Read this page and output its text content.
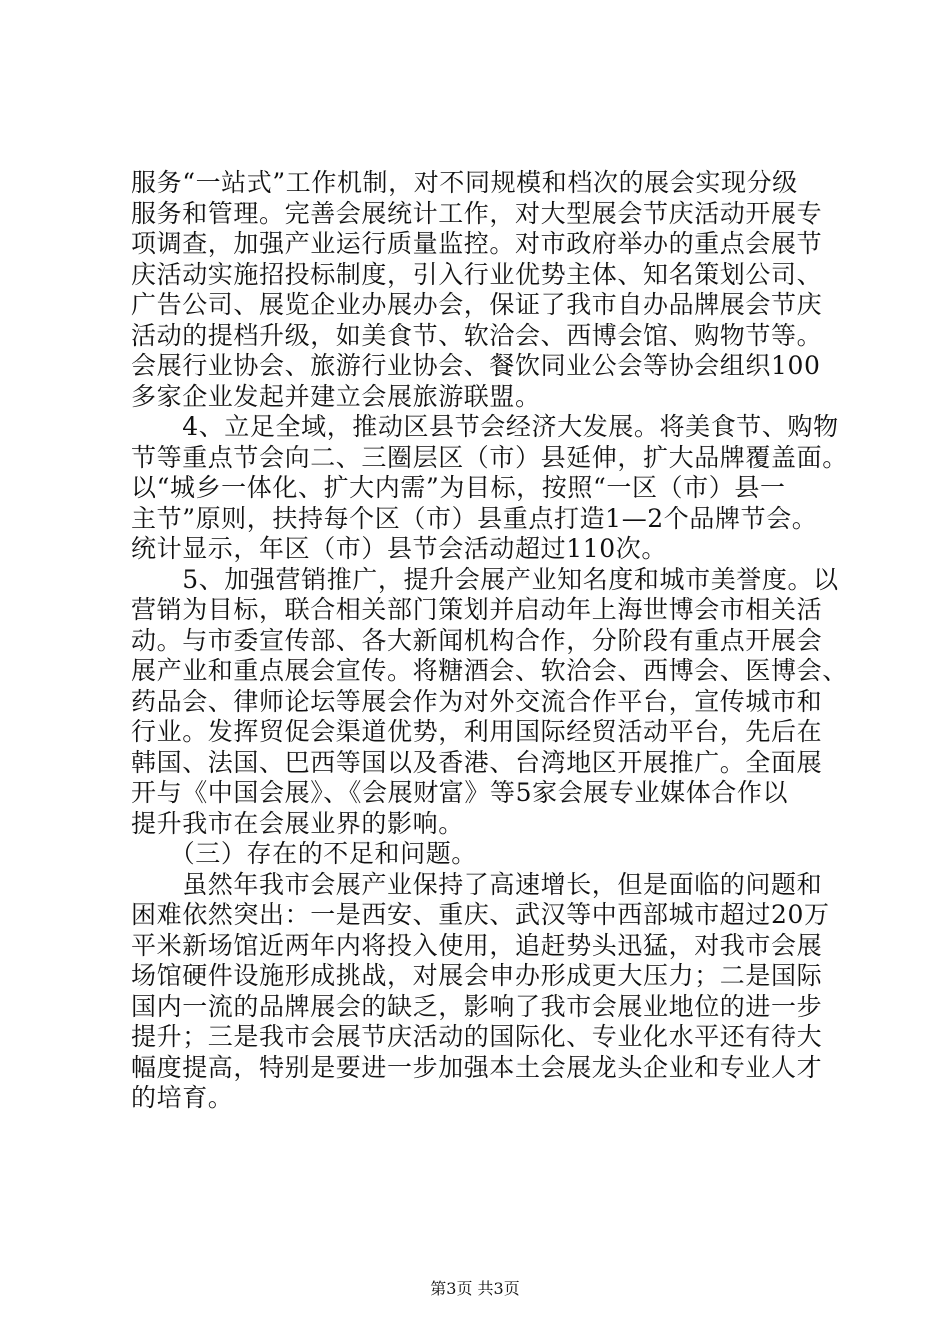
服务“一站式”工作机制，对不同规模和档次的展会实现分级
服务和管理。完善会展统计工作，对大型展会节庆活动开展专
项调查，加强产业运行质量监控。对市政府举办的重点会展节
庆活动实施招投标制度，引入行业优势主体、知名策划公司、
广告公司、展览企业办展办会，保证了我市自办品牌展会节庆
活动的提档升级，如美食节、软洽会、西博会馆、购物节等。
会展行业协会、旅游行业协会、餐饮同业公会等协会组织100
多家企业发起并建立会展旅游联盟。
　　4、立足全域，推动区县节会经济大发展。将美食节、购物
节等重点节会向二、三圈层区（市）县延伸，扩大品牌覆盖面。
以“城乡一体化、扩大内需”为目标，按照“一区（市）县一
主节”原则，扶持每个区（市）县重点打造1—2个品牌节会。
统计显示，年区（市）县节会活动超过110次。
　　5、加强营销推广，提升会展产业知名度和城市美誉度。以
营销为目标，联合相关部门策划并启动年上海世博会市相关活
动。与市委宣传部、各大新闻机构合作，分阶段有重点开展会
展产业和重点展会宣传。将糖酒会、软洽会、西博会、医博会、
药品会、律师论坛等展会作为对外交流合作平台，宣传城市和
行业。发挥贸促会渠道优势，利用国际经贸活动平台，先后在
韩国、法国、巴西等国以及香港、台湾地区开展推广。全面展
开与《中国会展》、《会展财富》等5家会展专业媒体合作以
提升我市在会展业界的影响。
　　（三）存在的不足和问题。
　　虽然年我市会展产业保持了高速增长，但是面临的问题和
困难依然突出：一是西安、重庆、武汉等中西部城市超过20万
平米新场馆近两年内将投入使用，追赶势头迅猛，对我市会展
场馆硬件设施形成挑战，对展会申办形成更大压力；二是国际
国内一流的品牌展会的缺乏，影响了我市会展业地位的进一步
提升；三是我市会展节庆活动的国际化、专业化水平还有待大
幅度提高，特别是要进一步加强本土会展龙头企业和专业人才
的培育。
第3页 共3页
